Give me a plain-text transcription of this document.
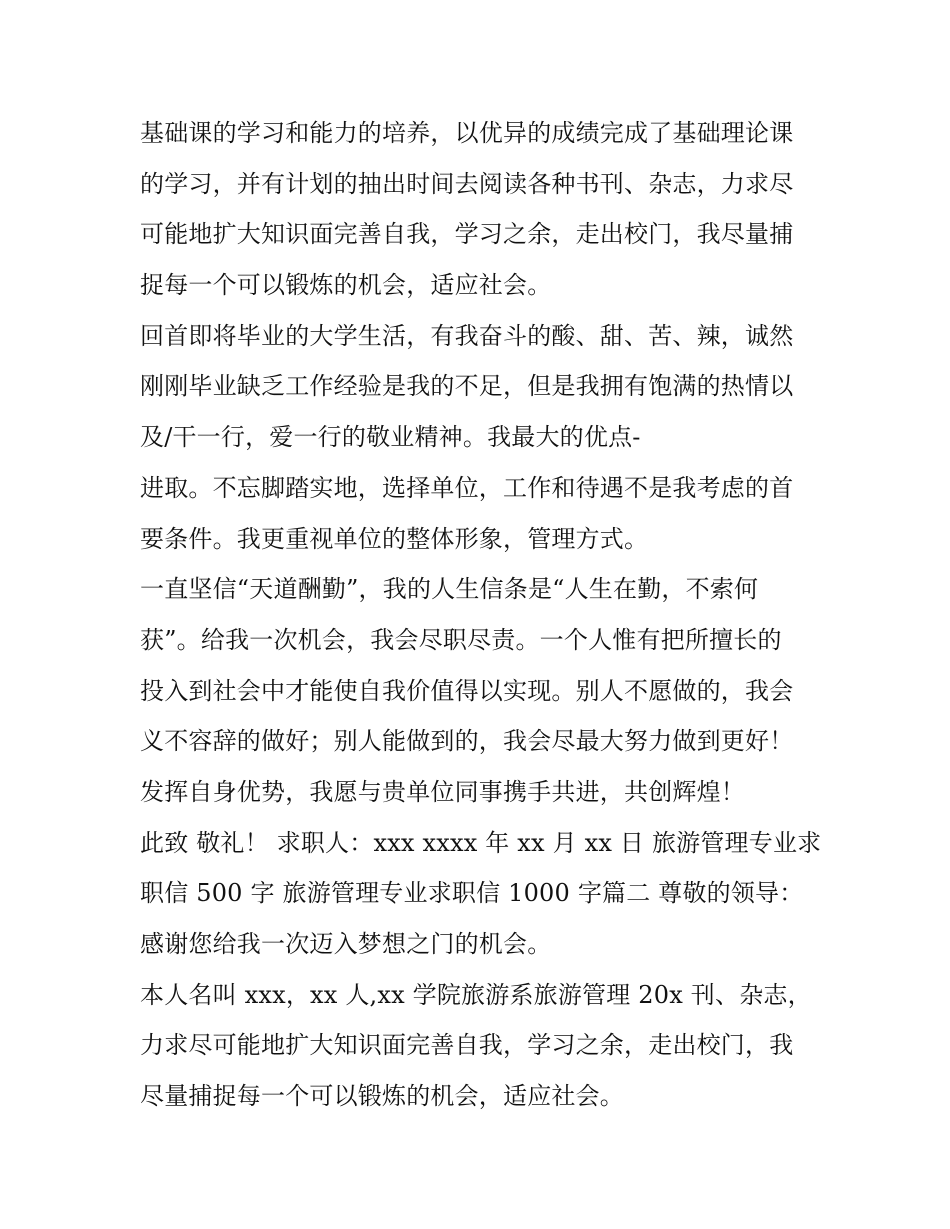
基础课的学习和能力的培养，以优异的成绩完成了基础理论课
的学习，并有计划的抽出时间去阅读各种书刊、杂志，力求尽
可能地扩大知识面完善自我，学习之余，走出校门，我尽量捕
捉每一个可以锻炼的机会，适应社会。
回首即将毕业的大学生活，有我奋斗的酸、甜、苦、辣，诚然
刚刚毕业缺乏工作经验是我的不足，但是我拥有饱满的热情以
及/干一行，爱一行的敬业精神。我最大的优点-
进取。不忘脚踏实地，选择单位，工作和待遇不是我考虑的首
要条件。我更重视单位的整体形象，管理方式。
一直坚信“天道酬勤”，我的人生信条是“人生在勤，不索何
获”。给我一次机会，我会尽职尽责。一个人惟有把所擅长的
投入到社会中才能使自我价值得以实现。别人不愿做的，我会
义不容辞的做好；别人能做到的，我会尽最大努力做到更好！
发挥自身优势，我愿与贵单位同事携手共进，共创辉煌！
此致 敬礼！ 求职人：xxx xxxx 年 xx 月 xx 日 旅游管理专业求
职信 500 字 旅游管理专业求职信 1000 字篇二 尊敬的领导：
感谢您给我一次迈入梦想之门的机会。
本人名叫 xxx，xx 人,xx 学院旅游系旅游管理 20x 刊、杂志，
力求尽可能地扩大知识面完善自我，学习之余，走出校门，我
尽量捕捉每一个可以锻炼的机会，适应社会。
